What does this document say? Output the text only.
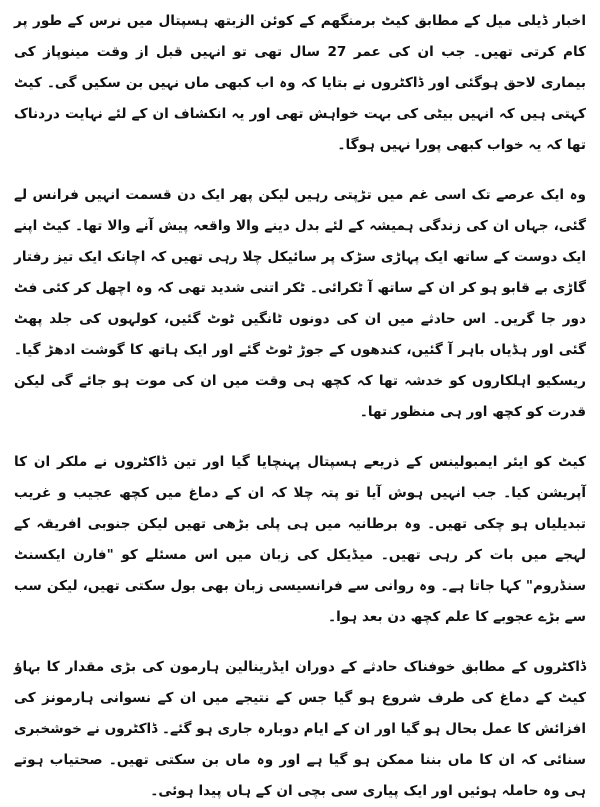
اخبار ڈیلی میل کے مطابق کیٹ برمنگھم کے کوئن الزبتھ ہسپتال میں نرس کے طور پر کام کرتی تھیں۔ جب ان کی عمر 27 سال تھی تو انہیں قبل از وقت مینوپاز کی بیماری لاحق ہوگئی اور ڈاکٹروں نے بتایا کہ وہ اب کبھی ماں نہیں بن سکیں گی۔ کیٹ کہتی ہیں کہ انہیں بیٹی کی بہت خواہش تھی اور یہ انکشاف ان کے لئے نہایت دردناک تھا کہ یہ خواب کبھی پورا نہیں ہوگا۔

وہ ایک عرصے تک اسی غم میں تڑپتی رہیں لیکن پھر ایک دن قسمت انہیں فرانس لے گئی، جہاں ان کی زندگی ہمیشہ کے لئے بدل دینے والا واقعہ پیش آنے والا تھا۔ کیٹ اپنے ایک دوست کے ساتھ ایک پہاڑی سڑک پر سائیکل چلا رہی تھیں کہ اچانک ایک تیز رفتار گاڑی بے قابو ہو کر ان کے ساتھ آ ٹکرائی۔ ٹکر اتنی شدید تھی کہ وہ اچھل کر کئی فٹ دور جا گریں۔ اس حادثے میں ان کی دونوں ٹانگیں ٹوٹ گئیں، کولہوں کی جلد پھٹ گئی اور ہڈیاں باہر آ گئیں، کندھوں کے جوڑ ٹوٹ گئے اور ایک ہاتھ کا گوشت ادھڑ گیا۔ ریسکیو اہلکاروں کو خدشہ تھا کہ کچھ ہی وقت میں ان کی موت ہو جائے گی لیکن قدرت کو کچھ اور ہی منظور تھا۔

کیٹ کو ایئر ایمبولینس کے ذریعے ہسپتال پہنچایا گیا اور تین ڈاکٹروں نے ملکر ان کا آپریشن کیا۔ جب انہیں ہوش آیا تو پتہ چلا کہ ان کے دماغ میں کچھ عجیب و غریب تبدیلیاں ہو چکی تھیں۔ وہ برطانیہ میں ہی پلی بڑھی تھیں لیکن جنوبی افریقہ کے لہجے میں بات کر رہی تھیں۔ میڈیکل کی زبان میں اس مسئلے کو "فارن ایکسنٹ سنڈروم" کہا جاتا ہے۔ وہ روانی سے فرانسیسی زبان بھی بول سکتی تھیں، لیکن سب سے بڑے عجوبے کا علم کچھ دن بعد ہوا۔

ڈاکٹروں کے مطابق خوفناک حادثے کے دوران ایڈرینالین ہارمون کی بڑی مقدار کا بہاؤ کیٹ کے دماغ کی طرف شروع ہو گیا جس کے نتیجے میں ان کے نسوانی ہارمونز کی افزائش کا عمل بحال ہو گیا اور ان کے ایام دوبارہ جاری ہو گئے۔ ڈاکٹروں نے خوشخبری سنائی کہ ان کا ماں بننا ممکن ہو گیا ہے اور وہ ماں بن سکتی تھیں۔ صحتیاب ہوتے ہی وہ حاملہ ہوئیں اور ایک پیاری سی بچی ان کے ہاں پیدا ہوئی۔
